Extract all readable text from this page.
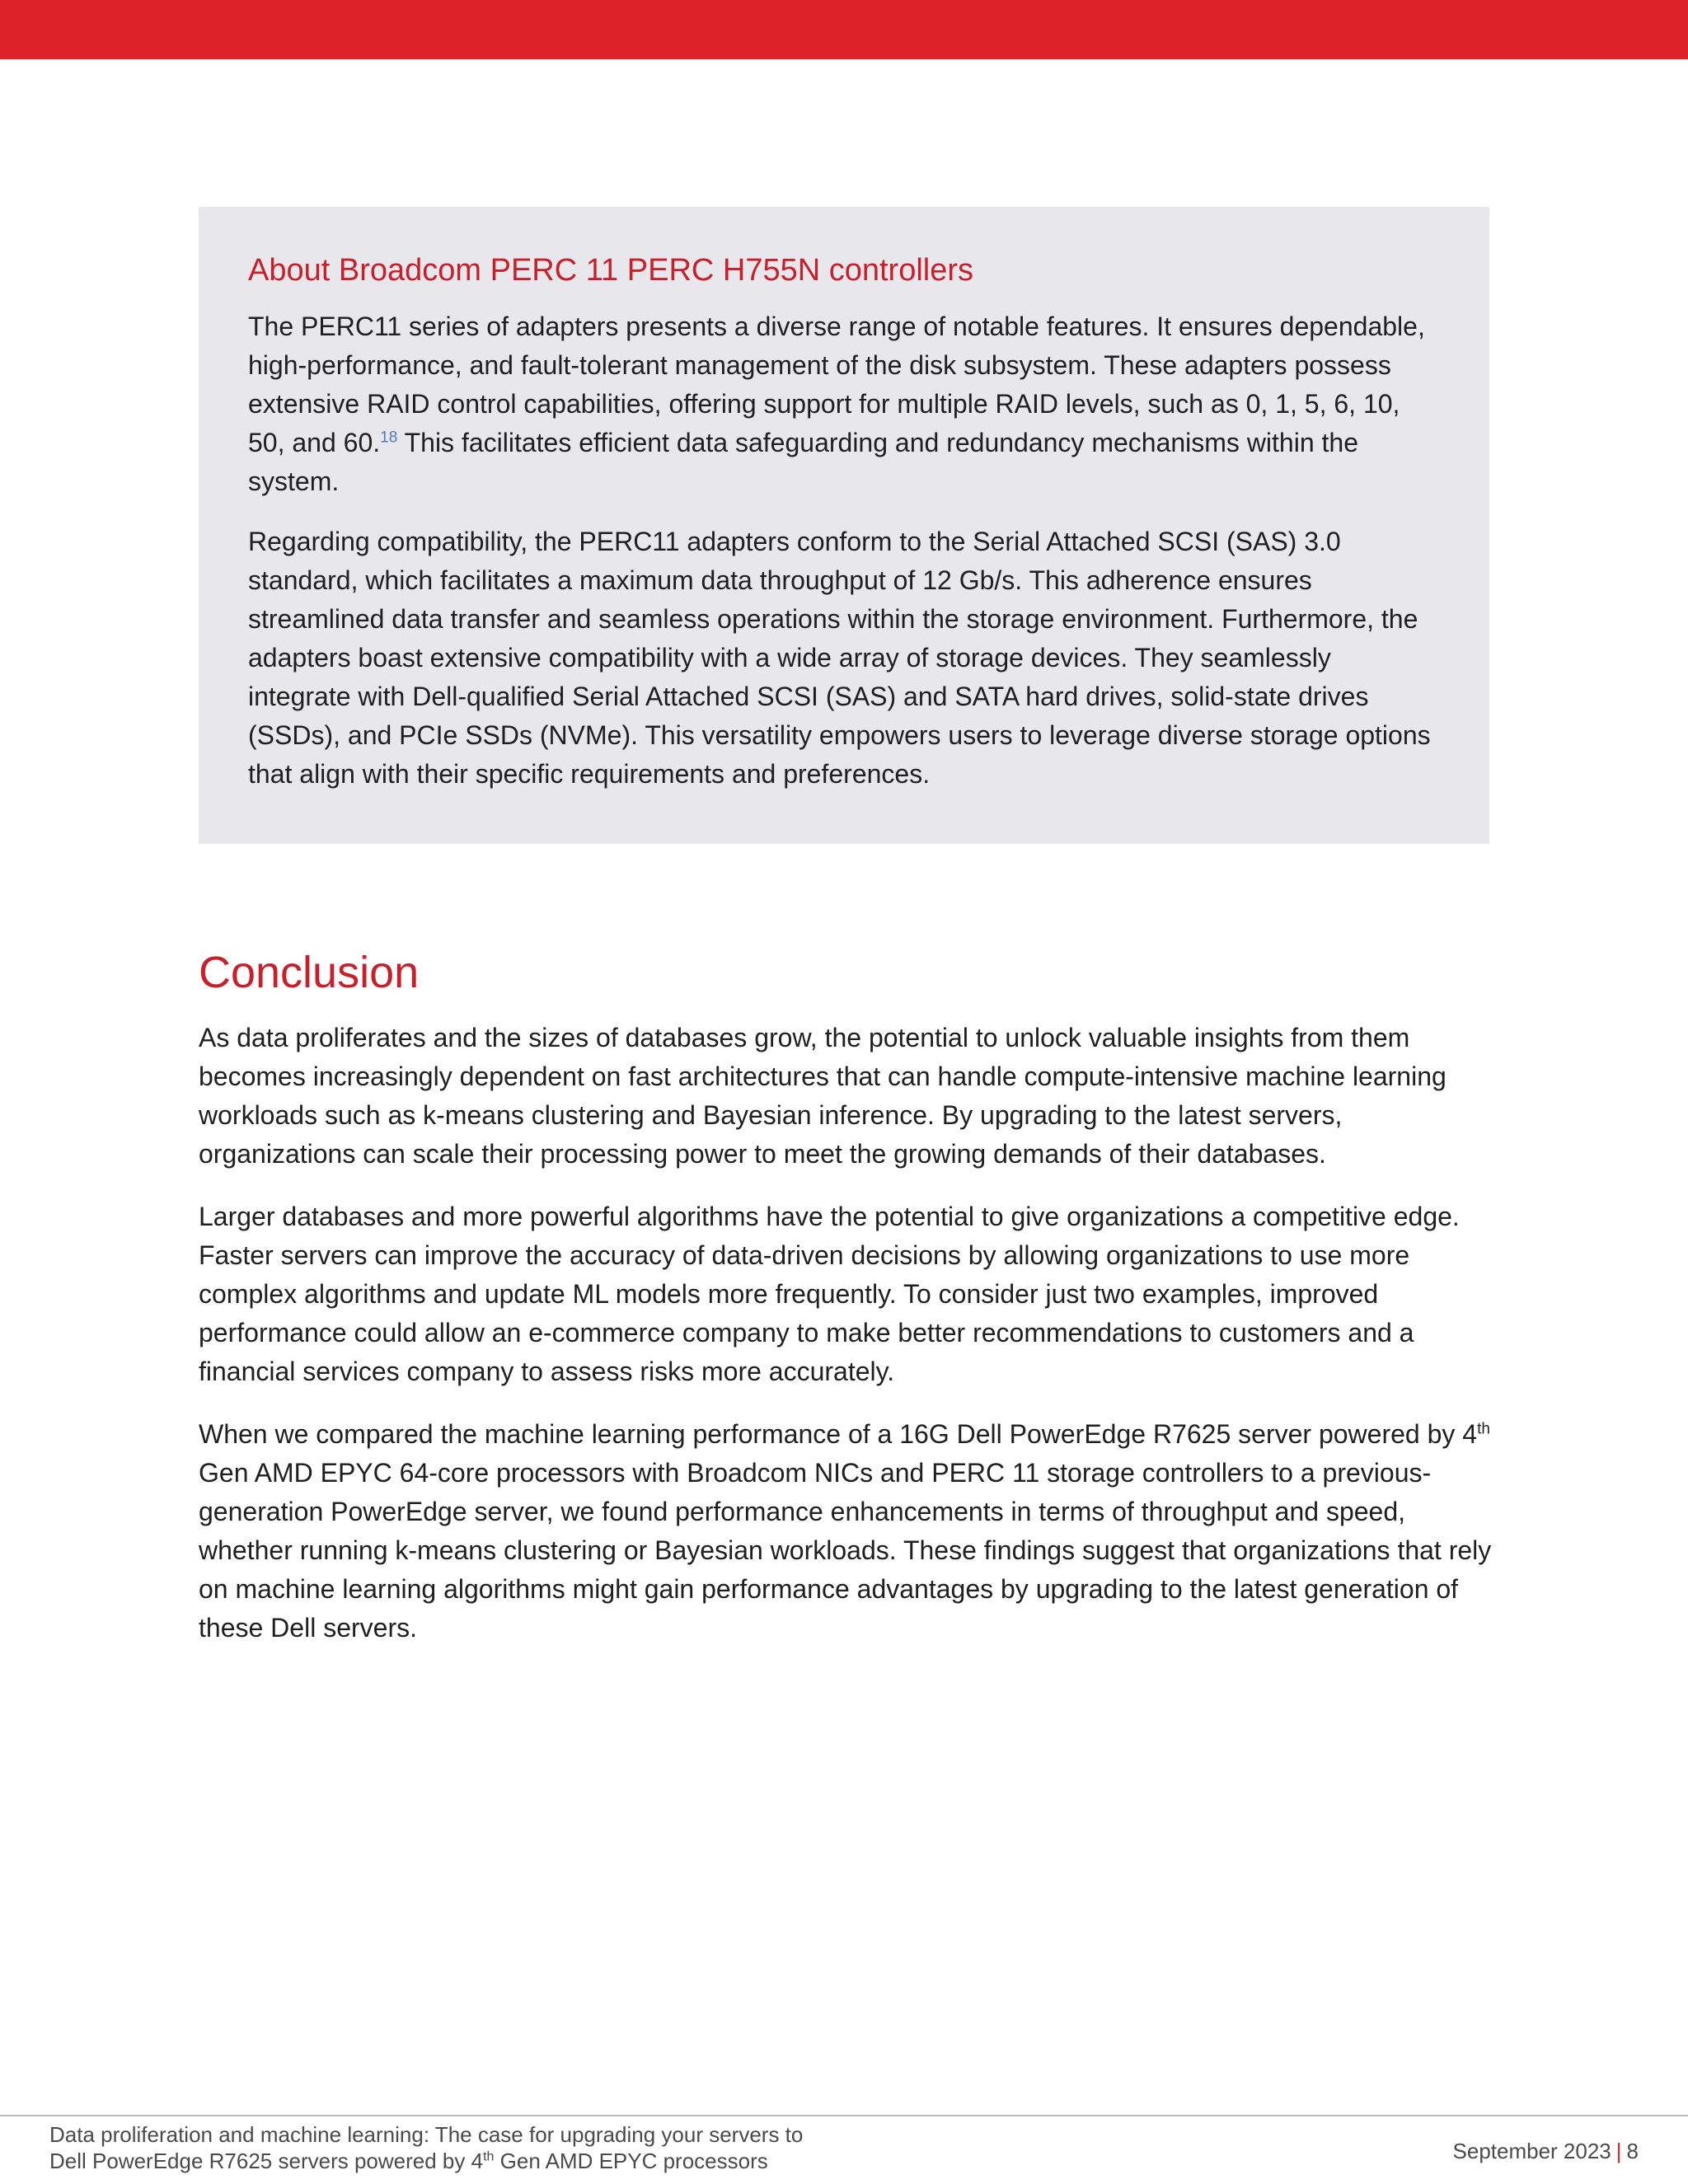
About Broadcom PERC 11 PERC H755N controllers

The PERC11 series of adapters presents a diverse range of notable features. It ensures dependable, high-performance, and fault-tolerant management of the disk subsystem. These adapters possess extensive RAID control capabilities, offering support for multiple RAID levels, such as 0, 1, 5, 6, 10, 50, and 60.18 This facilitates efficient data safeguarding and redundancy mechanisms within the system.

Regarding compatibility, the PERC11 adapters conform to the Serial Attached SCSI (SAS) 3.0 standard, which facilitates a maximum data throughput of 12 Gb/s. This adherence ensures streamlined data transfer and seamless operations within the storage environment. Furthermore, the adapters boast extensive compatibility with a wide array of storage devices. They seamlessly integrate with Dell-qualified Serial Attached SCSI (SAS) and SATA hard drives, solid-state drives (SSDs), and PCIe SSDs (NVMe). This versatility empowers users to leverage diverse storage options that align with their specific requirements and preferences.

Conclusion

As data proliferates and the sizes of databases grow, the potential to unlock valuable insights from them becomes increasingly dependent on fast architectures that can handle compute-intensive machine learning workloads such as k-means clustering and Bayesian inference. By upgrading to the latest servers, organizations can scale their processing power to meet the growing demands of their databases.

Larger databases and more powerful algorithms have the potential to give organizations a competitive edge. Faster servers can improve the accuracy of data-driven decisions by allowing organizations to use more complex algorithms and update ML models more frequently. To consider just two examples, improved performance could allow an e-commerce company to make better recommendations to customers and a financial services company to assess risks more accurately.

When we compared the machine learning performance of a 16G Dell PowerEdge R7625 server powered by 4th Gen AMD EPYC 64-core processors with Broadcom NICs and PERC 11 storage controllers to a previous-generation PowerEdge server, we found performance enhancements in terms of throughput and speed, whether running k-means clustering or Bayesian workloads. These findings suggest that organizations that rely on machine learning algorithms might gain performance advantages by upgrading to the latest generation of these Dell servers.

Data proliferation and machine learning: The case for upgrading your servers to
Dell PowerEdge R7625 servers powered by 4th Gen AMD EPYC processors	September 2023 | 8
